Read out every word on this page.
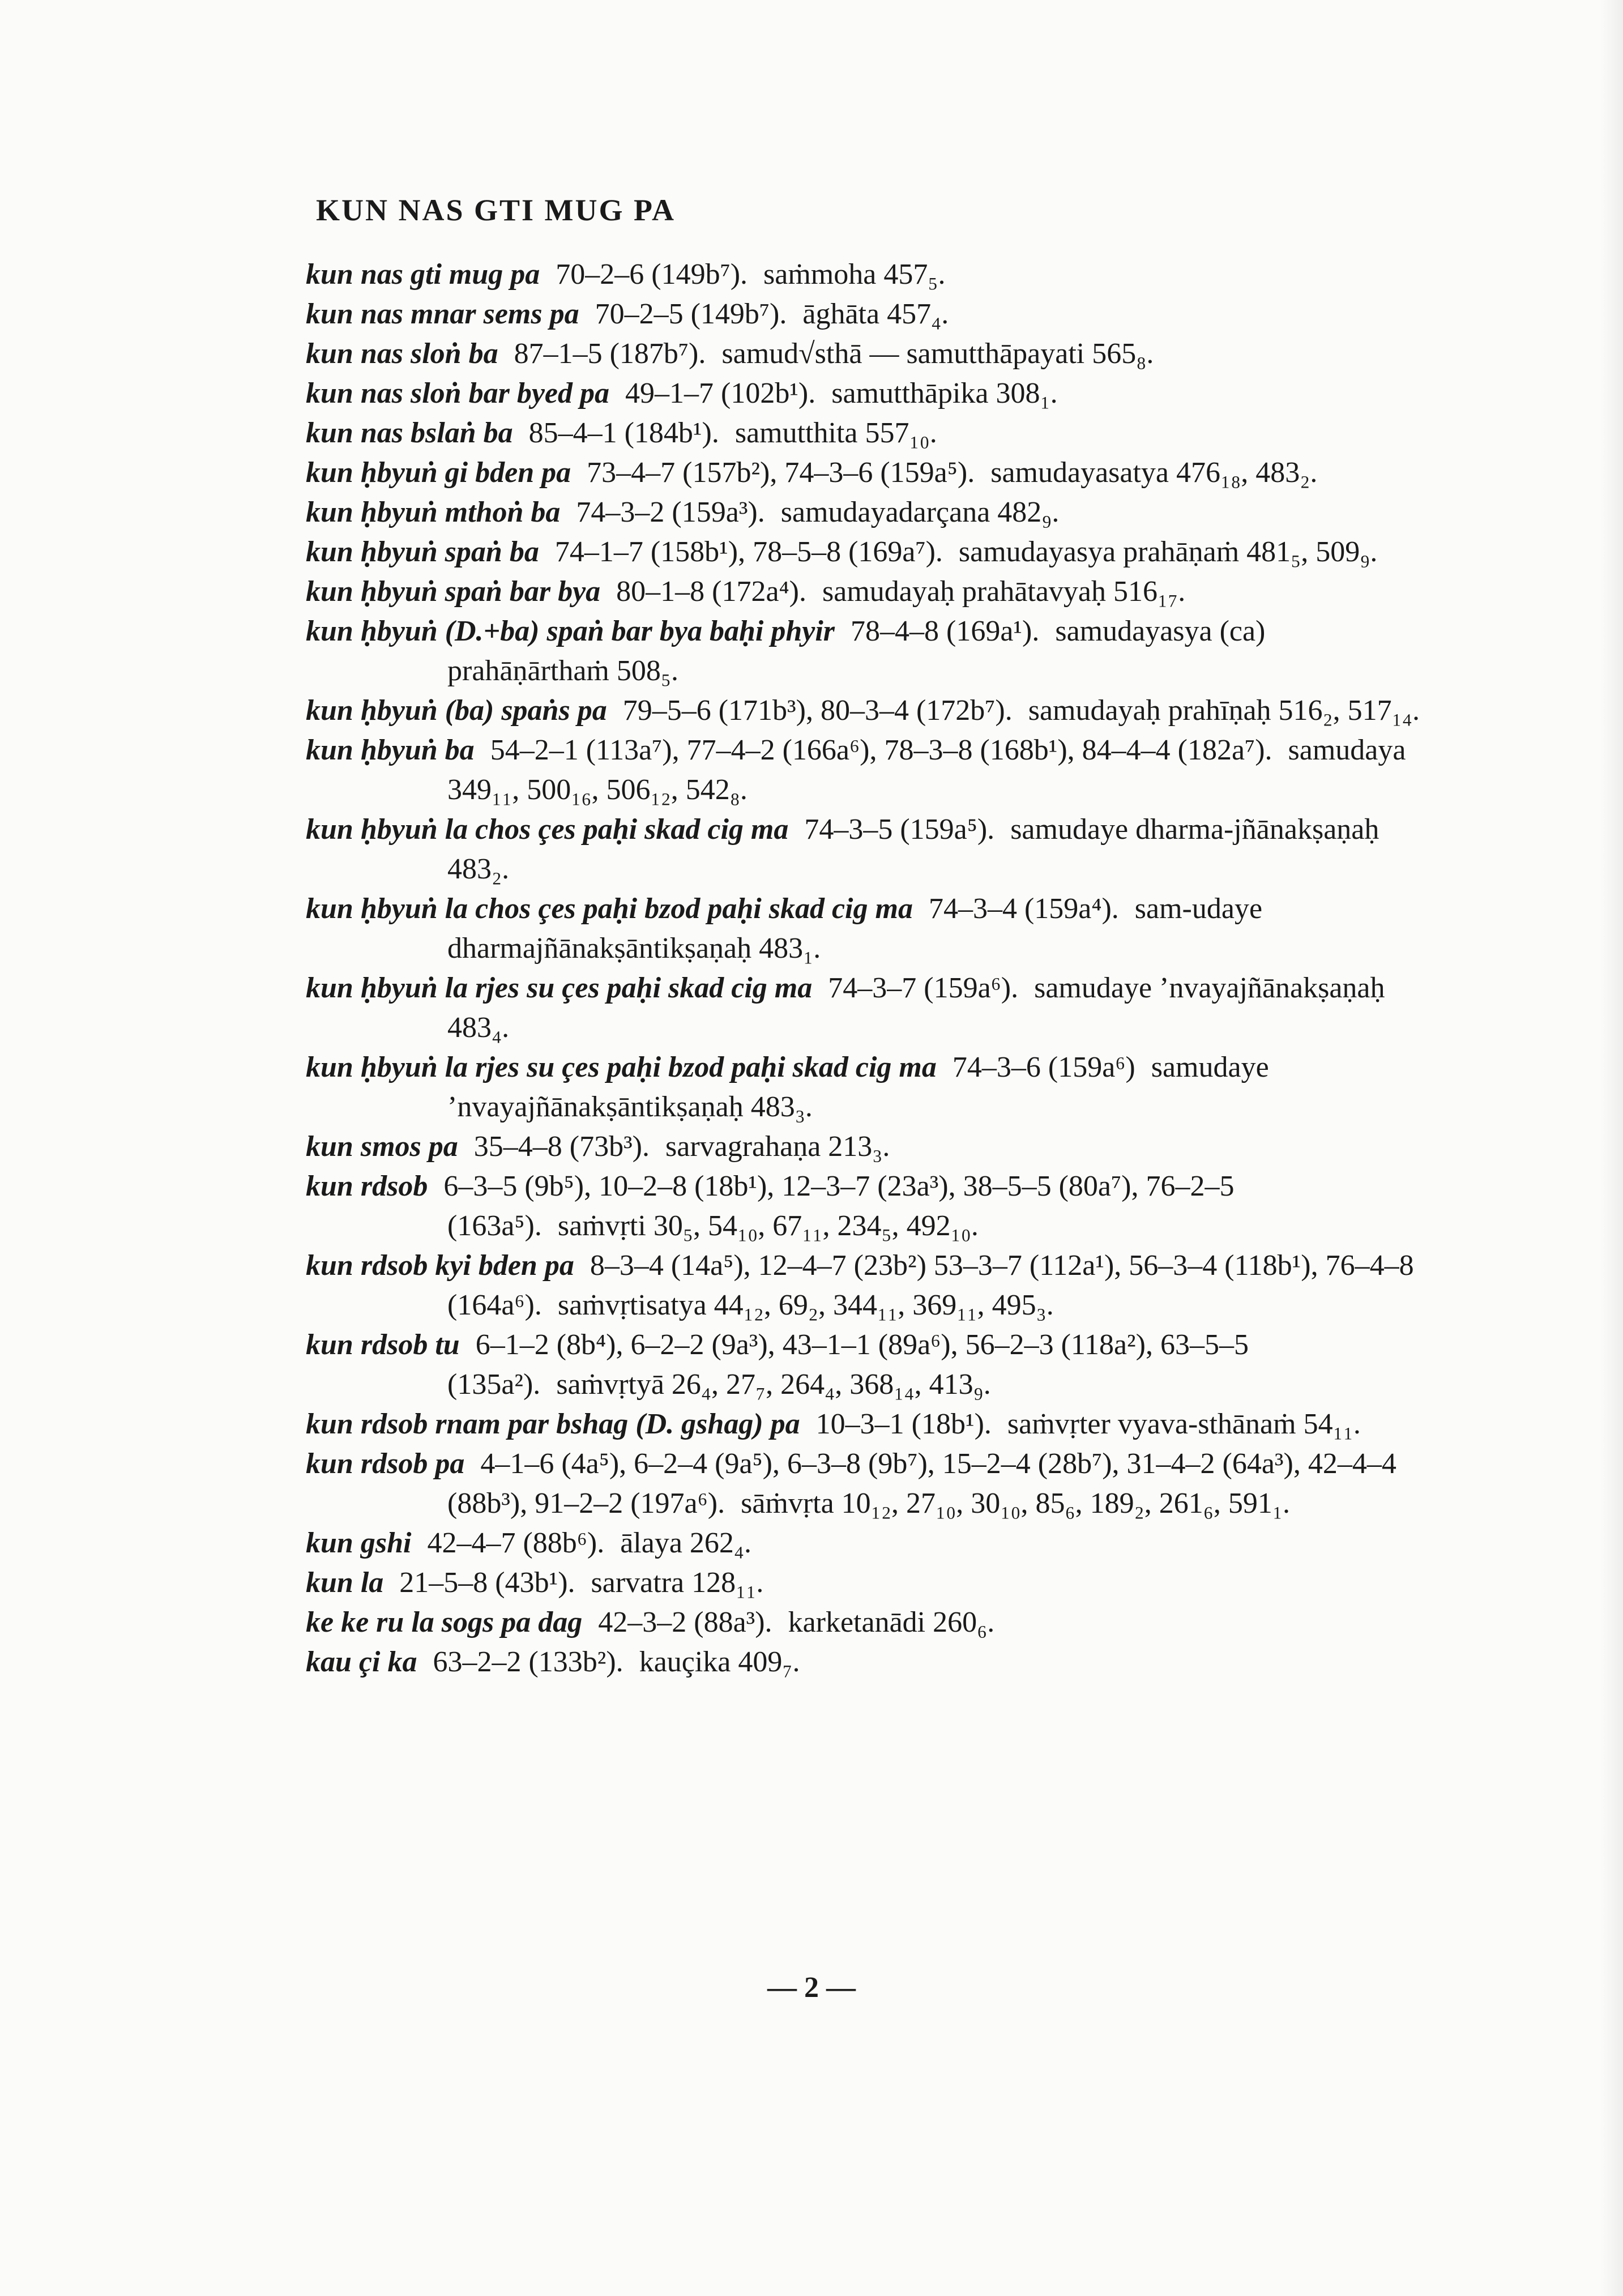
KUN NAS GTI MUG PA

kun nas gti mug pa 70–2–6 (149b⁷). saṁmoha 457₅.

kun nas mnar sems pa 70–2–5 (149b⁷). āghāta 457₄.

kun nas sloṅ ba 87–1–5 (187b⁷). samud√sthā — samutthāpayati 565₈.

kun nas sloṅ bar byed pa 49–1–7 (102b¹). samutthāpika 308₁.

kun nas bslaṅ ba 85–4–1 (184b¹). samutthita 557₁₀.

kun ḥbyuṅ gi bden pa 73–4–7 (157b²), 74–3–6 (159a⁵). samudayasatya 476₁₈, 483₂.

kun ḥbyuṅ mthoṅ ba 74–3–2 (159a³). samudayadarçana 482₉.

kun ḥbyuṅ spaṅ ba 74–1–7 (158b¹), 78–5–8 (169a⁷). samudayasya prahāṇaṁ 481₅, 509₉.

kun ḥbyuṅ spaṅ bar bya 80–1–8 (172a⁴). samudayaḥ prahātavyaḥ 516₁₇.

kun ḥbyuṅ (D.+ba) spaṅ bar bya baḥi phyir 78–4–8 (169a¹). samudayasya (ca) prahāṇārthaṁ 508₅.

kun ḥbyuṅ (ba) spaṅs pa 79–5–6 (171b³), 80–3–4 (172b⁷). samudayaḥ prahīṇaḥ 516₂, 517₁₄.

kun ḥbyuṅ ba 54–2–1 (113a⁷), 77–4–2 (166a⁶), 78–3–8 (168b¹), 84–4–4 (182a⁷). samudaya 349₁₁, 500₁₆, 506₁₂, 542₈.

kun ḥbyuṅ la chos çes paḥi skad cig ma 74–3–5 (159a⁵). samudaye dharma-jñānakṣaṇaḥ 483₂.

kun ḥbyuṅ la chos çes paḥi bzod paḥi skad cig ma 74–3–4 (159a⁴). sam-udaye dharmajñānakṣāntikṣaṇaḥ 483₁.

kun ḥbyuṅ la rjes su çes paḥi skad cig ma 74–3–7 (159a⁶). samudaye ’nvayajñānakṣaṇaḥ 483₄.

kun ḥbyuṅ la rjes su çes paḥi bzod paḥi skad cig ma 74–3–6 (159a⁶) samudaye ’nvayajñānakṣāntikṣaṇaḥ 483₃.

kun smos pa 35–4–8 (73b³). sarvagrahaṇa 213₃.

kun rdsob 6–3–5 (9b⁵), 10–2–8 (18b¹), 12–3–7 (23a³), 38–5–5 (80a⁷), 76–2–5 (163a⁵). saṁvṛti 30₅, 54₁₀, 67₁₁, 234₅, 492₁₀.

kun rdsob kyi bden pa 8–3–4 (14a⁵), 12–4–7 (23b²) 53–3–7 (112a¹), 56–3–4 (118b¹), 76–4–8 (164a⁶). saṁvṛtisatya 44₁₂, 69₂, 344₁₁, 369₁₁, 495₃.

kun rdsob tu 6–1–2 (8b⁴), 6–2–2 (9a³), 43–1–1 (89a⁶), 56–2–3 (118a²), 63–5–5 (135a²). saṁvṛtyā 26₄, 27₇, 264₄, 368₁₄, 413₉.

kun rdsob rnam par bshag (D. gshag) pa 10–3–1 (18b¹). saṁvṛter vyava-sthānaṁ 54₁₁.

kun rdsob pa 4–1–6 (4a⁵), 6–2–4 (9a⁵), 6–3–8 (9b⁷), 15–2–4 (28b⁷), 31–4–2 (64a³), 42–4–4 (88b³), 91–2–2 (197a⁶). sāṁvṛta 10₁₂, 27₁₀, 30₁₀, 85₆, 189₂, 261₆, 591₁.

kun gshi 42–4–7 (88b⁶). ālaya 262₄.

kun la 21–5–8 (43b¹). sarvatra 128₁₁.

ke ke ru la sogs pa dag 42–3–2 (88a³). karketanādi 260₆.

kau çi ka 63–2–2 (133b²). kauçika 409₇.

— 2 —
